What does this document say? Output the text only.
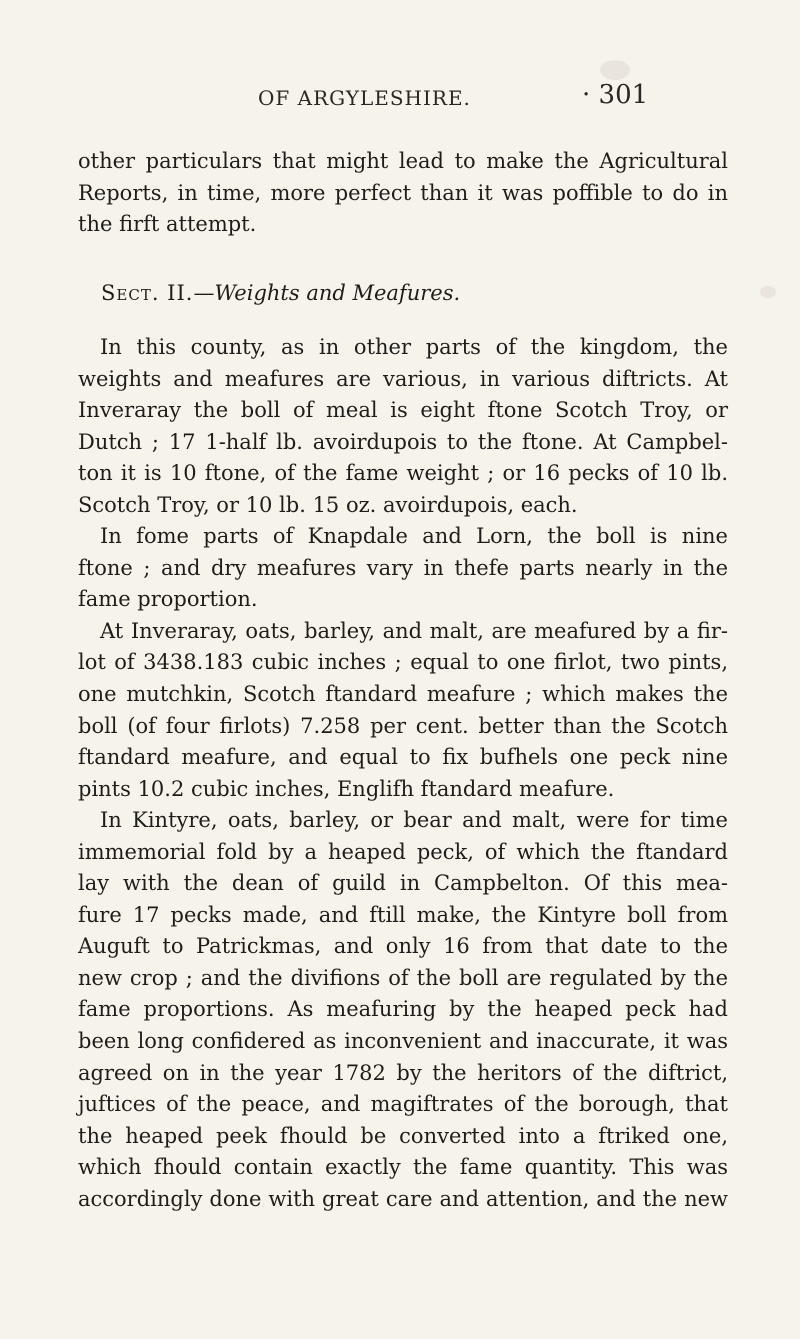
OF ARGYLESHIRE.	· 301
other particulars that might lead to make the Agricultural
Reports, in time, more perfect than it was poffible to do in
the firft attempt.
Sect. II.—Weights and Meafures.
In this county, as in other parts of the kingdom, the
weights and meafures are various, in various diftricts. At
Inveraray the boll of meal is eight ftone Scotch Troy, or
Dutch ; 17 1-half lb. avoirdupois to the ftone. At Campbel-
ton it is 10 ftone, of the fame weight ; or 16 pecks of 10 lb.
Scotch Troy, or 10 lb. 15 oz. avoirdupois, each.
In fome parts of Knapdale and Lorn, the boll is nine
ftone ; and dry meafures vary in thefe parts nearly in the
fame proportion.
At Inveraray, oats, barley, and malt, are meafured by a fir-
lot of 3438.183 cubic inches ; equal to one firlot, two pints,
one mutchkin, Scotch ftandard meafure ; which makes the
boll (of four firlots) 7.258 per cent. better than the Scotch
ftandard meafure, and equal to fix bufhels one peck nine
pints 10.2 cubic inches, Englifh ftandard meafure.
In Kintyre, oats, barley, or bear and malt, were for time
immemorial fold by a heaped peck, of which the ftandard
lay with the dean of guild in Campbelton. Of this mea-
fure 17 pecks made, and ftill make, the Kintyre boll from
Auguft to Patrickmas, and only 16 from that date to the
new crop ; and the divifions of the boll are regulated by the
fame proportions. As meafuring by the heaped peck had
been long confidered as inconvenient and inaccurate, it was
agreed on in the year 1782 by the heritors of the diftrict,
juftices of the peace, and magiftrates of the borough, that
the heaped peek fhould be converted into a ftriked one,
which fhould contain exactly the fame quantity. This was
accordingly done with great care and attention, and the new
